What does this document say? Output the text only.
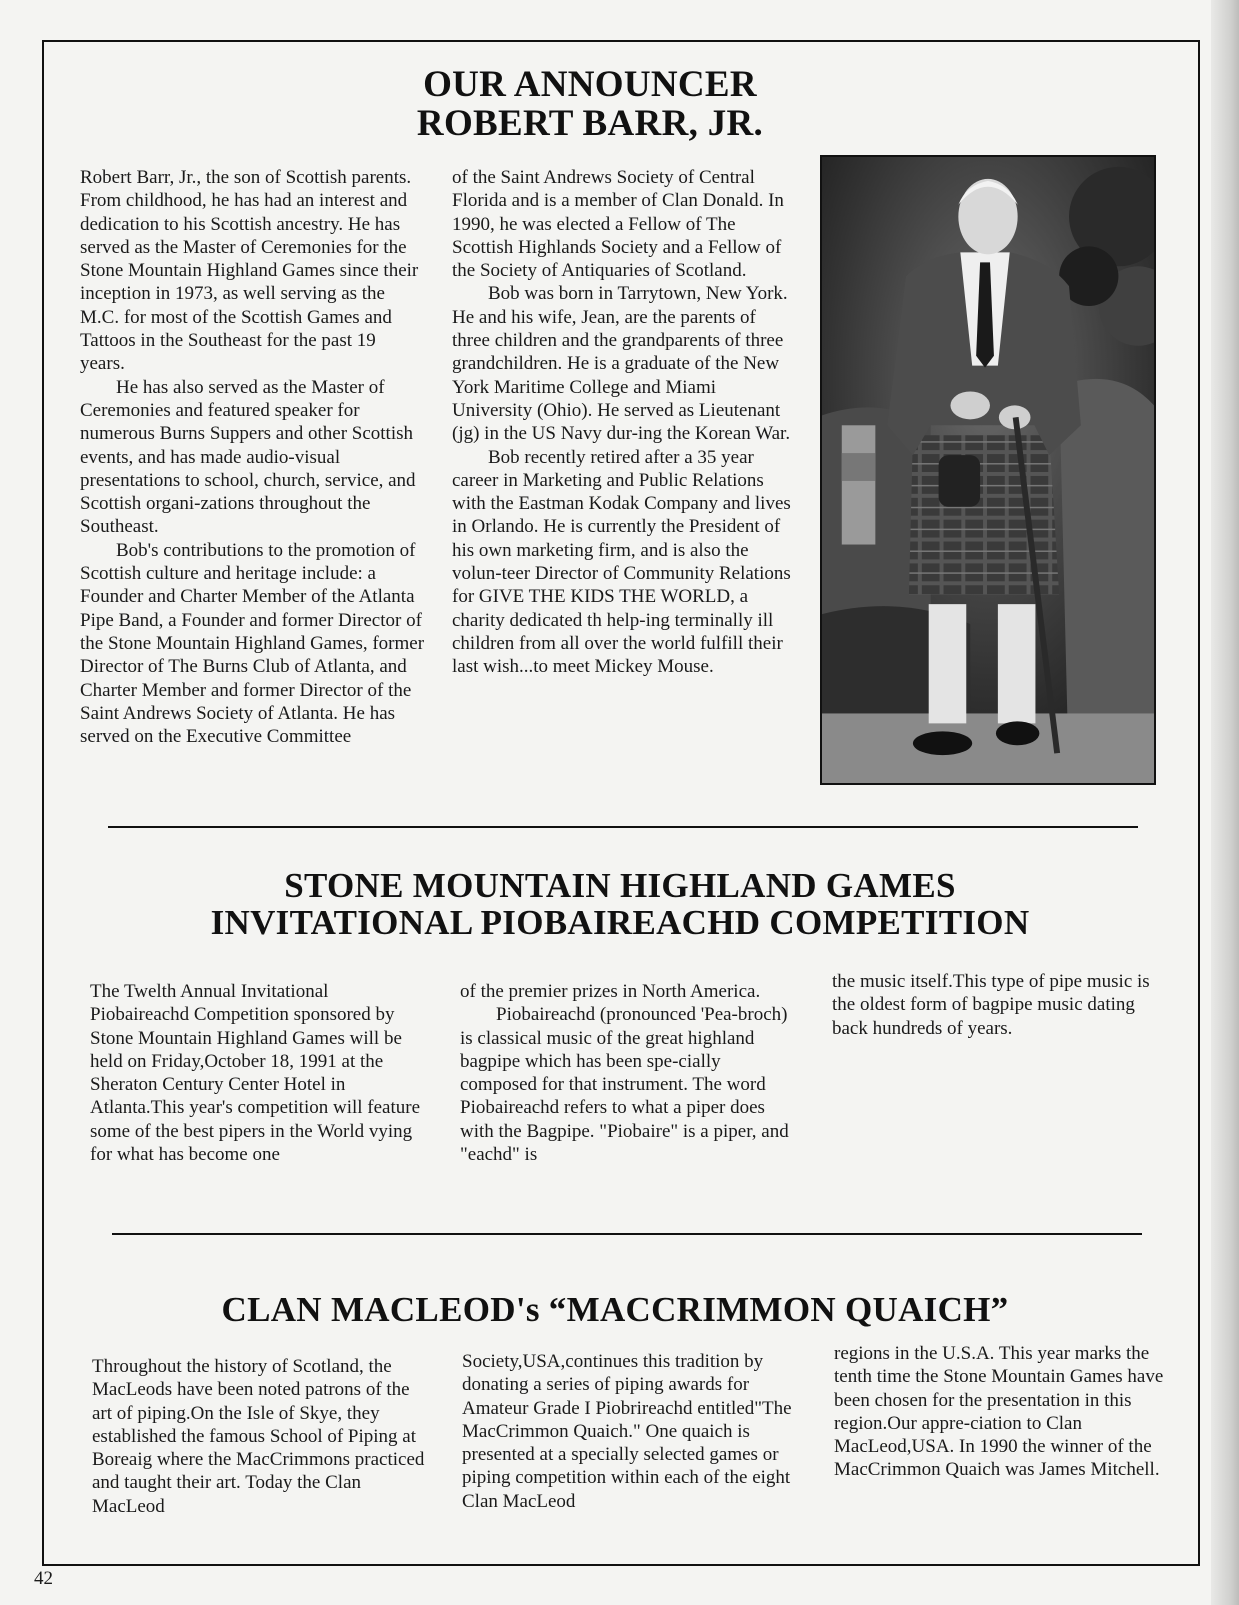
OUR ANNOUNCER
ROBERT BARR, JR.

Robert Barr, Jr., the son of Scottish parents. From childhood, he has had an interest and dedication to his Scottish ancestry. He has served as the Master of Ceremonies for the Stone Mountain Highland Games since their inception in 1973, as well serving as the M.C. for most of the Scottish Games and Tattoos in the Southeast for the past 19 years.

He has also served as the Master of Ceremonies and featured speaker for numerous Burns Suppers and other Scottish events, and has made audio-visual presentations to school, church, service, and Scottish organi-zations throughout the Southeast.

Bob's contributions to the promotion of Scottish culture and heritage include: a Founder and Charter Member of the Atlanta Pipe Band, a Founder and former Director of the Stone Mountain Highland Games, former Director of The Burns Club of Atlanta, and Charter Member and former Director of the Saint Andrews Society of Atlanta. He has served on the Executive Committee

of the Saint Andrews Society of Central Florida and is a member of Clan Donald. In 1990, he was elected a Fellow of The Scottish Highlands Society and a Fellow of the Society of Antiquaries of Scotland.

Bob was born in Tarrytown, New York. He and his wife, Jean, are the parents of three children and the grandparents of three grandchildren. He is a graduate of the New York Maritime College and Miami University (Ohio). He served as Lieutenant (jg) in the US Navy dur-ing the Korean War.

Bob recently retired after a 35 year career in Marketing and Public Relations with the Eastman Kodak Company and lives in Orlando. He is currently the President of his own marketing firm, and is also the volun-teer Director of Community Relations for GIVE THE KIDS THE WORLD, a charity dedicated th help-ing terminally ill children from all over the world fulfill their last wish...to meet Mickey Mouse.

STONE MOUNTAIN HIGHLAND GAMES
INVITATIONAL PIOBAIREACHD COMPETITION

The Twelth Annual Invitational Piobaireachd Competition sponsored by Stone Mountain Highland Games will be held on Friday,October 18, 1991 at the Sheraton Century Center Hotel in Atlanta.This year's competition will feature some of the best pipers in the World vying for what has become one

of the premier prizes in North America.

Piobaireachd (pronounced 'Pea-broch) is classical music of the great highland bagpipe which has been spe-cially composed for that instrument. The word Piobaireachd refers to what a piper does with the Bagpipe. "Piobaire" is a piper, and "eachd" is

the music itself.This type of pipe music is the oldest form of bagpipe music dating back hundreds of years.

CLAN MACLEOD's “MACCRIMMON QUAICH”

Throughout the history of Scotland, the MacLeods have been noted patrons of the art of piping.On the Isle of Skye, they established the famous School of Piping at Boreaig where the MacCrimmons practiced and taught their art. Today the Clan MacLeod

Society,USA,continues this tradition by donating a series of piping awards for Amateur Grade I Piobrireachd entitled"The MacCrimmon Quaich." One quaich is presented at a specially selected games or piping competition within each of the eight Clan MacLeod

regions in the U.S.A. This year marks the tenth time the Stone Mountain Games have been chosen for the presentation in this region.Our appre-ciation to Clan MacLeod,USA. In 1990 the winner of the MacCrimmon Quaich was James Mitchell.

42
